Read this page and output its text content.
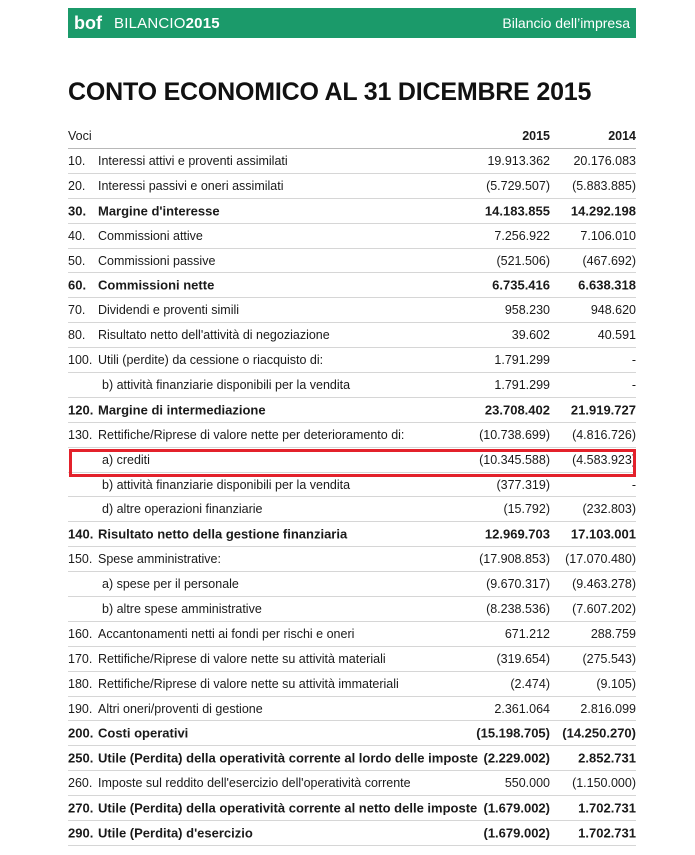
bof BILANCIO2015	Bilancio dell’impresa
CONTO ECONOMICO AL 31 DICEMBRE 2015
Voci	2015	2014
10. Interessi attivi e proventi assimilati	19.913.362 20.176.083
20. Interessi passivi e oneri assimilati	(5.729.507) (5.883.885)
30. Margine d'interesse	14.183.855 14.292.198
40. Commissioni attive	7.256.922 7.106.010
50. Commissioni passive	(521.506)	(467.692)
60. Commissioni nette	6.735.416 6.638.318
70. Dividendi e proventi simili	958.230	948.620
80. Risultato netto dell'attività di negoziazione	39.602	40.591
100. Utili (perdite) da cessione o riacquisto di:	1.791.299	-
b) attività finanziarie disponibili per la vendita	1.791.299	-
120. Margine di intermediazione	23.708.402 21.919.727
130. Rettifiche/Riprese di valore nette per deterioramento di:	(10.738.699) (4.816.726)
a) crediti	(10.345.588) (4.583.923)
b) attività finanziarie disponibili per la vendita	(377.319)	-
d) altre operazioni finanziarie	(15.792)	(232.803)
140. Risultato netto della gestione finanziaria	12.969.703 17.103.001
150. Spese amministrative:	(17.908.853) (17.070.480)
a) spese per il personale	(9.670.317) (9.463.278)
b) altre spese amministrative	(8.238.536) (7.607.202)
160. Accantonamenti netti ai fondi per rischi e oneri	671.212	288.759
170. Rettifiche/Riprese di valore nette su attività materiali	(319.654)	(275.543)
180. Rettifiche/Riprese di valore nette su attività immateriali	(2.474)	(9.105)
190. Altri oneri/proventi di gestione	2.361.064 2.816.099
200. Costi operativi	(15.198.705) (14.250.270)
250. Utile (Perdita) della operatività corrente al lordo delle imposte (2.229.002) 2.852.731
260. Imposte sul reddito dell'esercizio dell'operatività corrente	550.000 (1.150.000)
270. Utile (Perdita) della operatività corrente al netto delle imposte (1.679.002) 1.702.731
290. Utile (Perdita) d'esercizio	(1.679.002) 1.702.731
